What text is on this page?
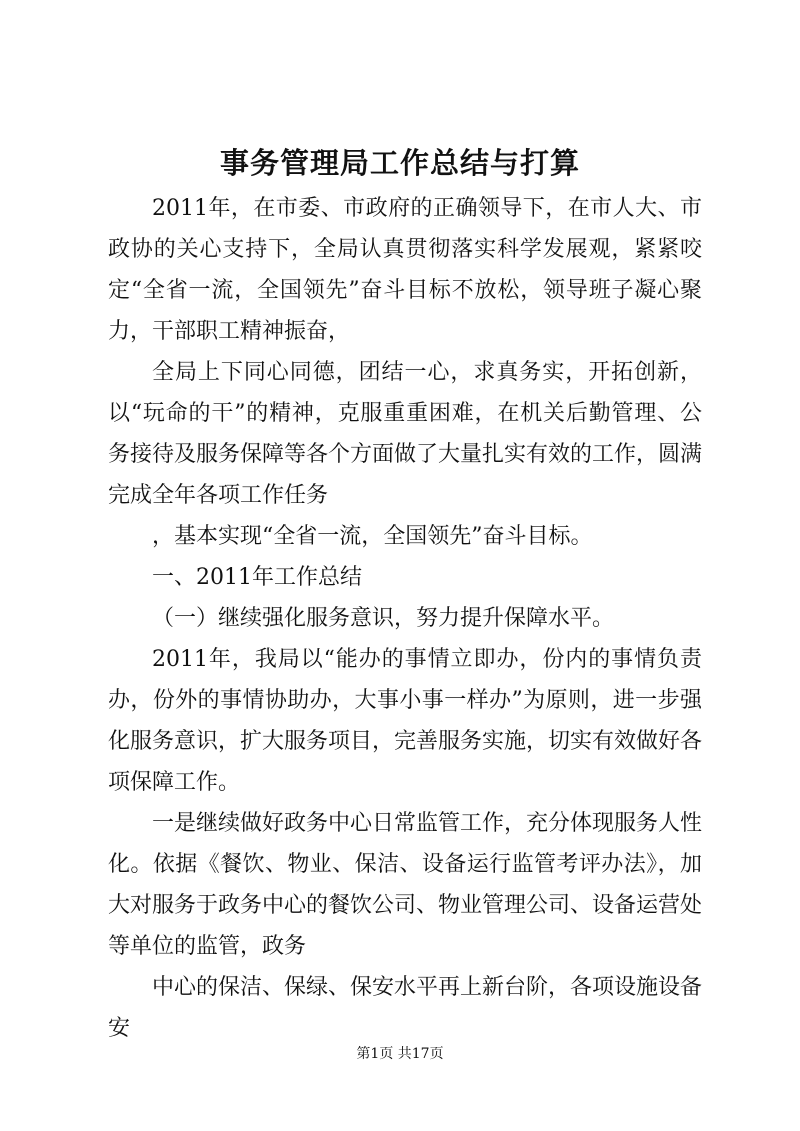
事务管理局工作总结与打算

2011年，在市委、市政府的正确领导下，在市人大、市政协的关心支持下，全局认真贯彻落实科学发展观，紧紧咬定“全省一流，全国领先”奋斗目标不放松，领导班子凝心聚力，干部职工精神振奋，

全局上下同心同德，团结一心，求真务实，开拓创新，以“玩命的干”的精神，克服重重困难，在机关后勤管理、公务接待及服务保障等各个方面做了大量扎实有效的工作，圆满完成全年各项工作任务

，基本实现“全省一流，全国领先”奋斗目标。

一、2011年工作总结

（一）继续强化服务意识，努力提升保障水平。

2011年，我局以“能办的事情立即办，份内的事情负责办，份外的事情协助办，大事小事一样办”为原则，进一步强化服务意识，扩大服务项目，完善服务实施，切实有效做好各项保障工作。

一是继续做好政务中心日常监管工作，充分体现服务人性化。依据《餐饮、物业、保洁、设备运行监管考评办法》，加大对服务于政务中心的餐饮公司、物业管理公司、设备运营处等单位的监管，政务

中心的保洁、保绿、保安水平再上新台阶，各项设施设备安

第1页 共17页
